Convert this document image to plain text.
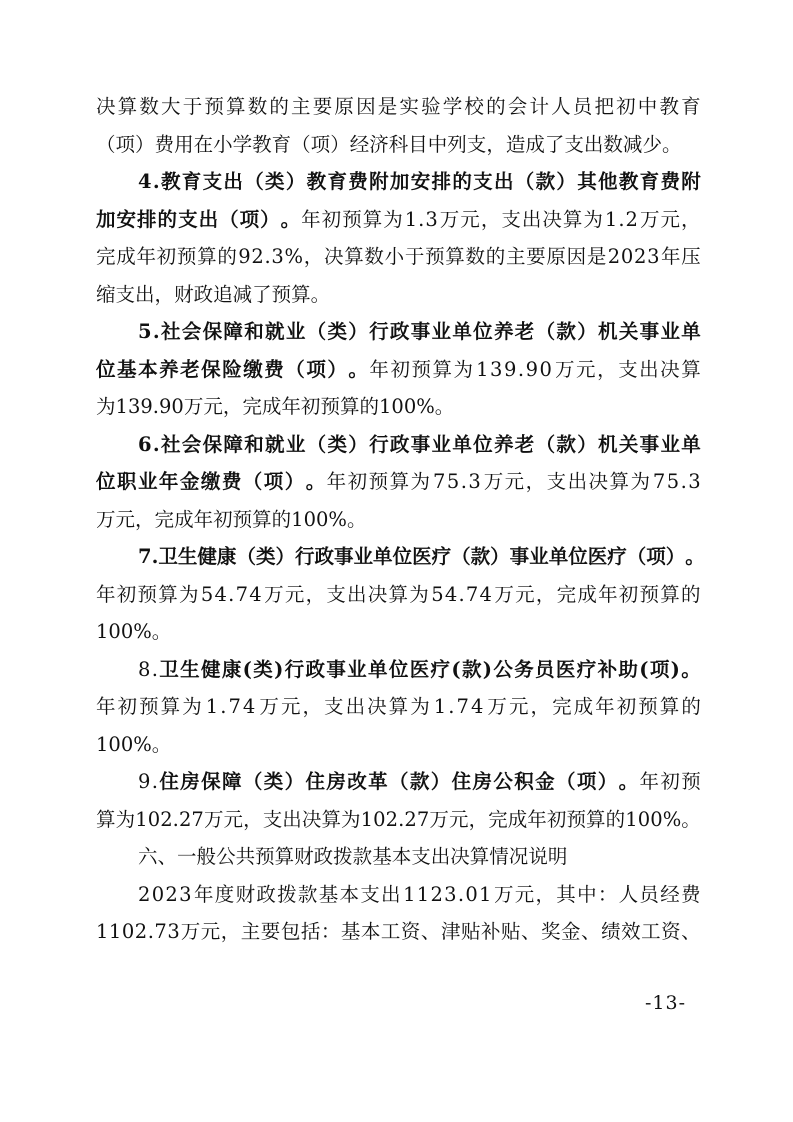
决 算 数 大 于 预 算 数 的 主 要 原 因 是 实 验 学 校 的 会 计 人 员 把 初 中 教 育
（ 项 ） 费 用 在 小 学 教 育 （ 项 ） 经 济 科 目 中 列 支 ， 造 成 了 支 出 数 减 少 。
4 . 教 育 支 出 （ 类 ） 教 育 费 附 加 安 排 的 支 出 （ 款 ） 其 他 教 育 费 附
加 安 排 的 支 出 （ 项 ） 。 年 初 预 算 为 1 . 3 万 元 ， 支 出 决 算 为 1 . 2 万 元 ，
完 成 年 初 预 算 的 9 2 . 3 % ， 决 算 数 小 于 预 算 数 的 主 要 原 因 是 2 0 2 3 年 压
缩 支 出 ， 财 政 追 减 了 预 算 。
5 . 社 会 保 障 和 就 业 （ 类 ） 行 政 事 业 单 位 养 老 （ 款 ） 机 关 事 业 单
位 基 本 养 老 保 险 缴 费 （ 项 ） 。 年 初 预 算 为 1 3 9 . 9 0 万 元 ， 支 出 决 算
为 1 3 9 . 9 0 万 元 ， 完 成 年 初 预 算 的 1 0 0 % 。
6 . 社 会 保 障 和 就 业 （ 类 ） 行 政 事 业 单 位 养 老 （ 款 ） 机 关 事 业 单
位 职 业 年 金 缴 费 （ 项 ） 。 年 初 预 算 为 7 5 . 3 万 元 ， 支 出 决 算 为 7 5 . 3
万 元 ， 完 成 年 初 预 算 的 1 0 0 % 。
7 . 卫 生 健 康 （ 类 ） 行 政 事 业 单 位 医 疗 （ 款 ） 事 业 单 位 医 疗 （ 项 ） 。
年 初 预 算 为 5 4 . 7 4 万 元 ， 支 出 决 算 为 5 4 . 7 4 万 元 ， 完 成 年 初 预 算 的
1 0 0 % 。
8 . 卫 生 健 康 ( 类 ) 行 政 事 业 单 位 医 疗 ( 款 ) 公 务 员 医 疗 补 助 ( 项 ) 。
年 初 预 算 为 1 . 7 4 万 元 ， 支 出 决 算 为 1 . 7 4 万 元 ， 完 成 年 初 预 算 的
1 0 0 % 。
9 . 住 房 保 障 （ 类 ） 住 房 改 革 （ 款 ） 住 房 公 积 金 （ 项 ） 。 年 初 预
算 为 1 0 2 . 2 7 万 元 ， 支 出 决 算 为 1 0 2 . 2 7 万 元 ， 完 成 年 初 预 算 的 1 0 0 % 。
六 、 一 般 公 共 预 算 财 政 拨 款 基 本 支 出 决 算 情 况 说 明
2 0 2 3 年 度 财 政 拨 款 基 本 支 出 1 1 2 3 . 0 1 万 元 ， 其 中 ： 人 员 经 费
1 1 0 2 . 7 3 万 元 ， 主 要 包 括 ： 基 本 工 资 、 津 贴 补 贴 、 奖 金 、 绩 效 工 资 、
-13-
